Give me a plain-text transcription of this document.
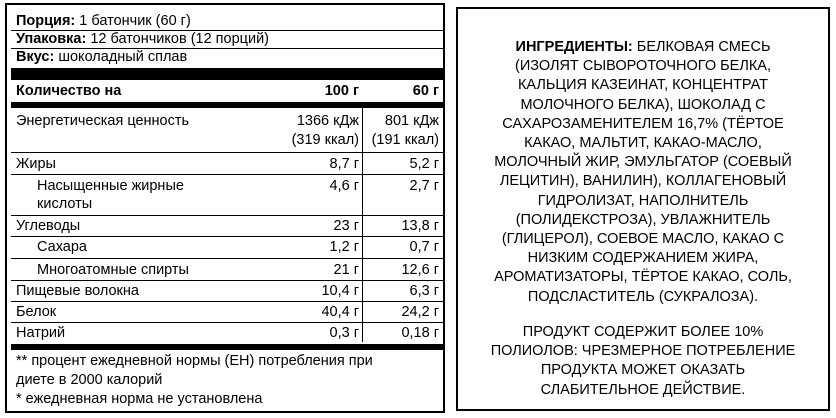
Порция: 1 батончик (60 г)
Упаковка: 12 батончиков (12 порций)
Вкус: шоколадный сплав
Количество на	100 г	60 г
Энергетическая ценность	1366 кДж 801 кДж
(319 ккал) (191 ккал)
Жиры	8,7 г	5,2 г
Насыщенные жирные	4,6 г	2,7 г
кислоты
Углеводы	23 г	13,8 г
Сахара	1,2 г	0,7 г
Многоатомные спирты	21 г	12,6 г
Пищевые волокна	10,4 г	6,3 г
Белок	40,4 г	24,2 г
Натрий	0,3 г	0,18 г
** процент ежедневной нормы (ЕН) потребления при
диете в 2000 калорий
* ежедневная норма не установлена
ИНГРЕДИЕНТЫ: БЕЛКОВАЯ СМЕСЬ
(ИЗОЛЯТ СЫВОРОТОЧНОГО БЕЛКА,
КАЛЬЦИЯ КАЗЕИНАТ, КОНЦЕНТРАТ
МОЛОЧНОГО БЕЛКА), ШОКОЛАД С
САХАРОЗАМЕНИТЕЛЕМ 16,7% (ТЁРТОЕ
КАКАО, МАЛЬТИТ, КАКАО-МАСЛО,
МОЛОЧНЫЙ ЖИР, ЭМУЛЬГАТОР (СОЕВЫЙ
ЛЕЦИТИН), ВАНИЛИН), КОЛЛАГЕНОВЫЙ
ГИДРОЛИЗАТ, НАПОЛНИТЕЛЬ
(ПОЛИДЕКСТРОЗА), УВЛАЖНИТЕЛЬ
(ГЛИЦЕРОЛ), СОЕВОЕ МАСЛО, КАКАО С
НИЗКИМ СОДЕРЖАНИЕМ ЖИРА,
АРОМАТИЗАТОРЫ, ТЁРТОЕ КАКАО, СОЛЬ,
ПОДСЛАСТИТЕЛЬ (СУКРАЛОЗА).
ПРОДУКТ СОДЕРЖИТ БОЛЕЕ 10%
ПОЛИОЛОВ: ЧРЕЗМЕРНОЕ ПОТРЕБЛЕНИЕ
ПРОДУКТА МОЖЕТ ОКАЗАТЬ
СЛАБИТЕЛЬНОЕ ДЕЙСТВИЕ.
